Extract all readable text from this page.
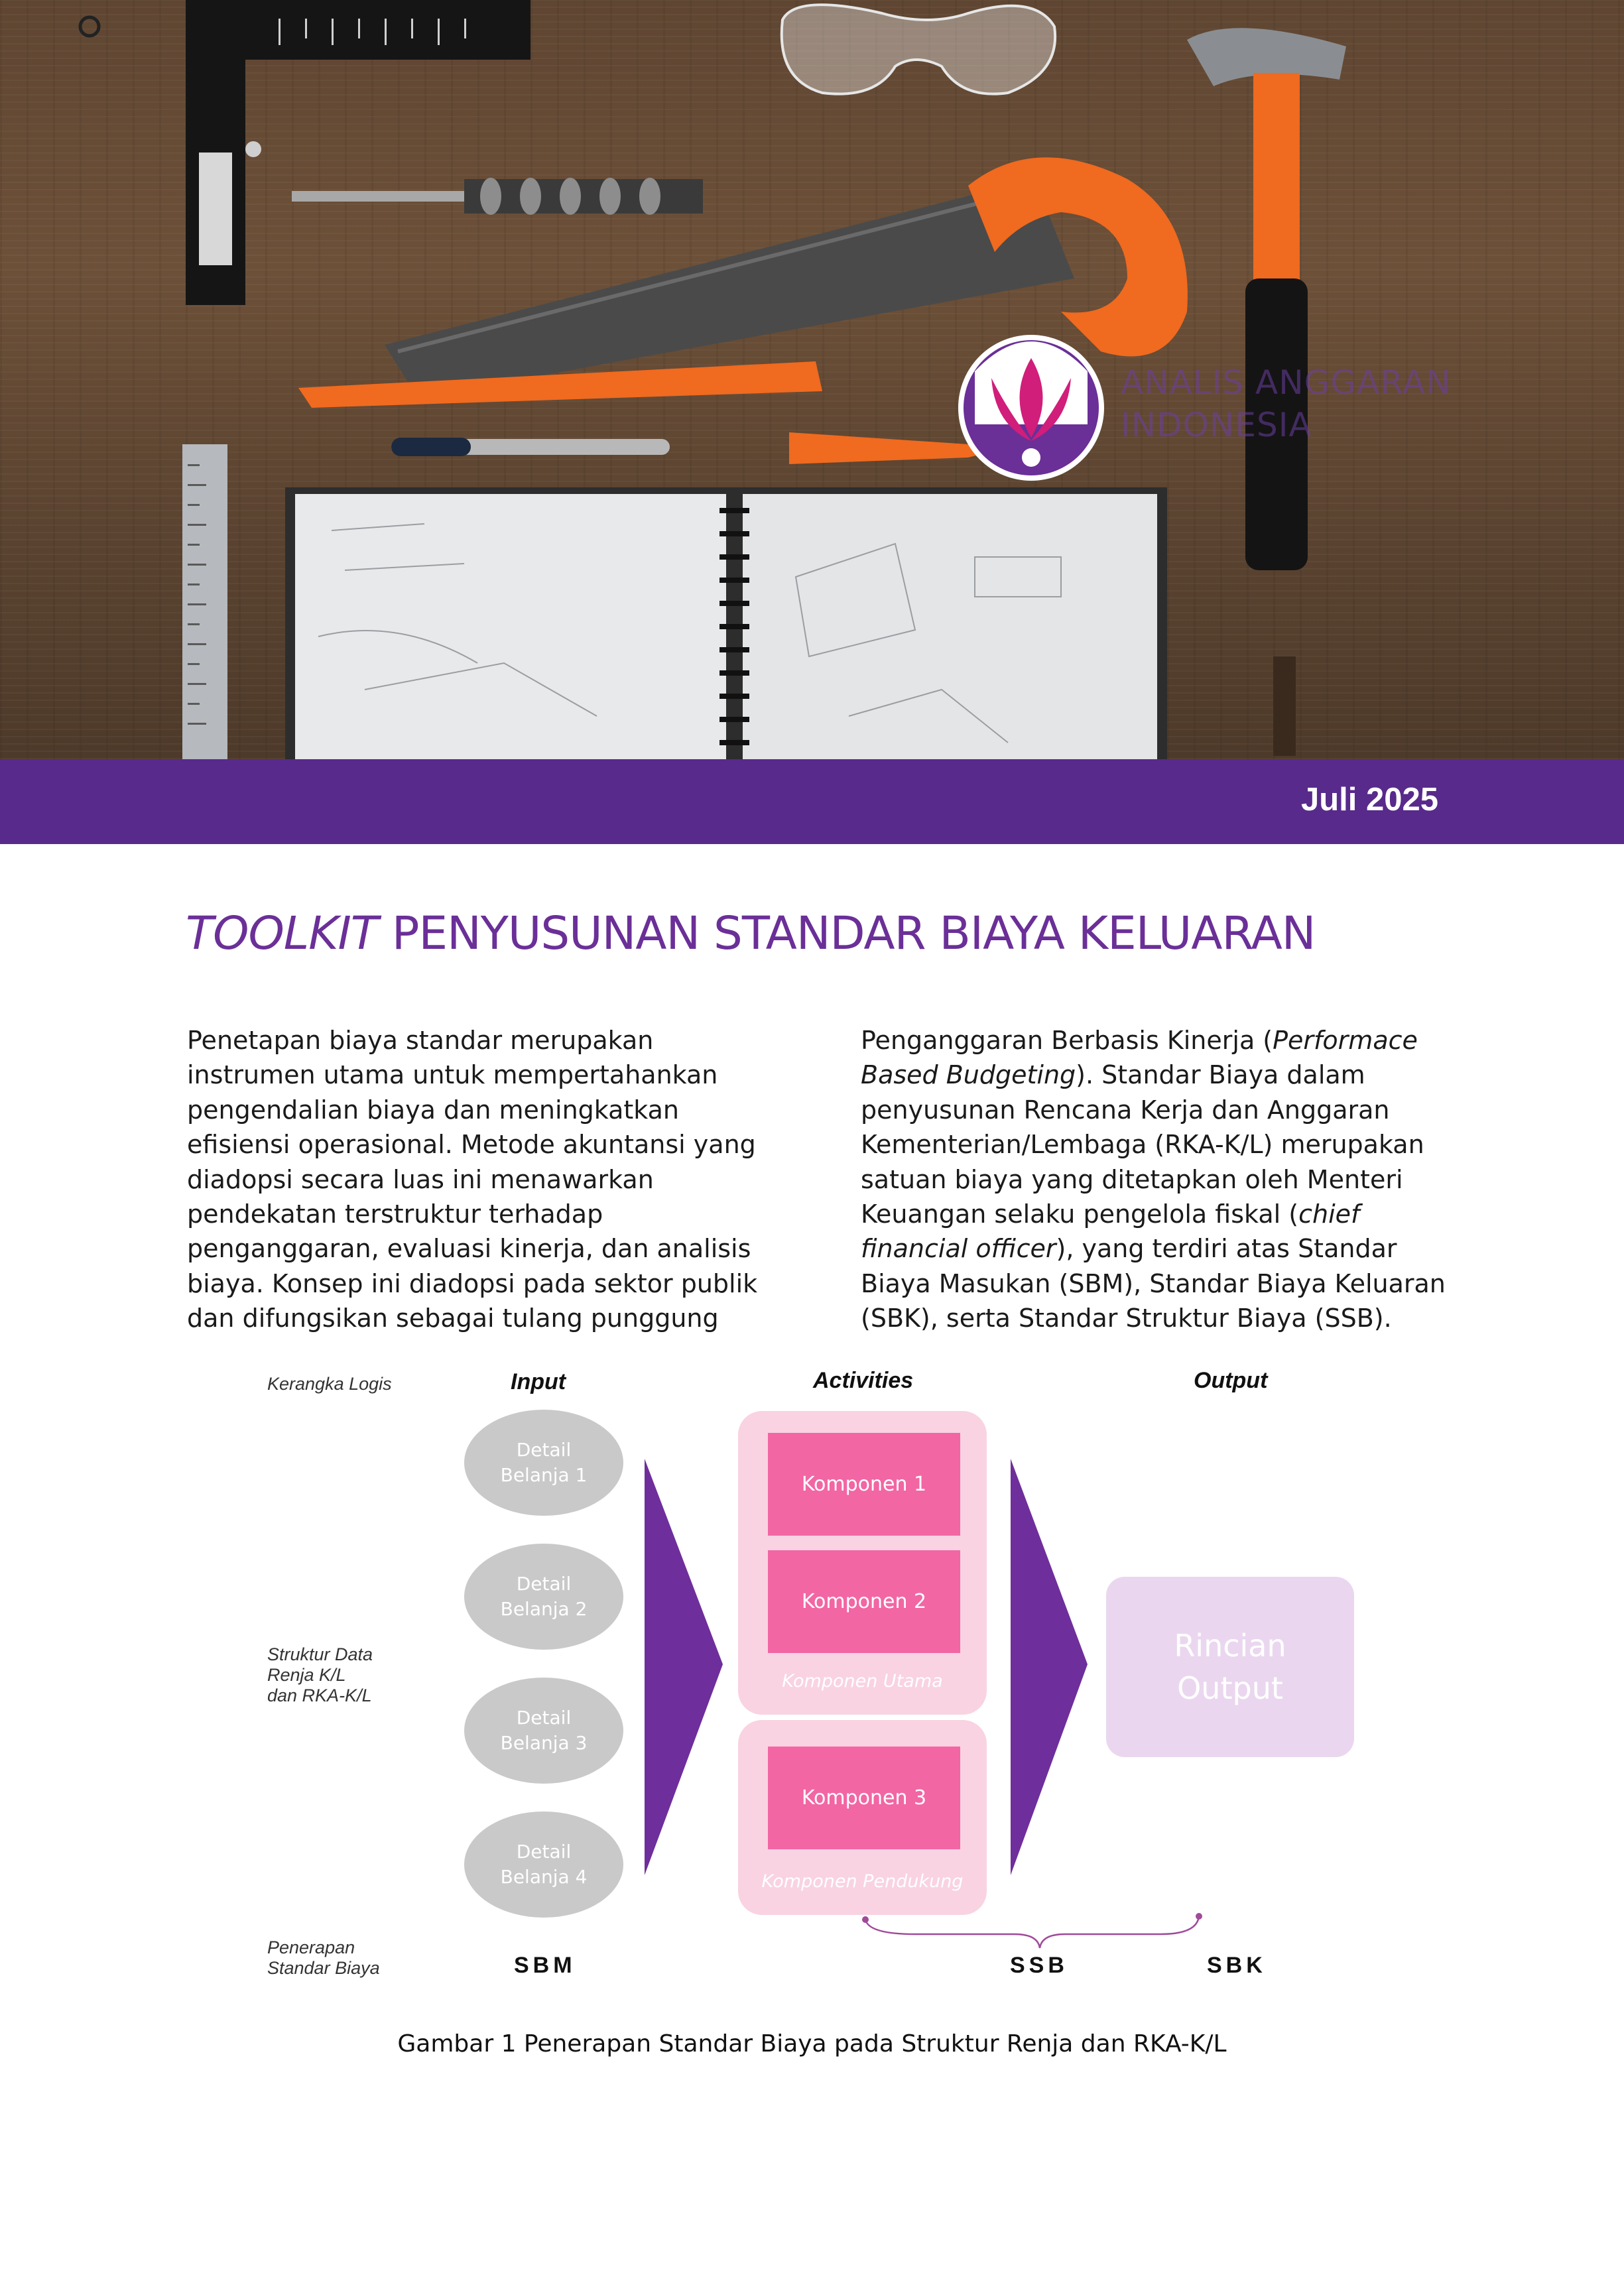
ANALIS ANGGARAN
INDONESIA
Juli 2025
TOOLKIT PENYUSUNAN STANDAR BIAYA KELUARAN
Penetapan biaya standar merupakan
instrumen utama untuk mempertahankan
pengendalian biaya dan meningkatkan
efisiensi operasional. Metode akuntansi yang
diadopsi secara luas ini menawarkan
pendekatan terstruktur terhadap
penganggaran, evaluasi kinerja, dan analisis
biaya. Konsep ini diadopsi pada sektor publik
dan difungsikan sebagai tulang punggung
Penganggaran Berbasis Kinerja (Performace
Based Budgeting). Standar Biaya dalam
penyusunan Rencana Kerja dan Anggaran
Kementerian/Lembaga (RKA-K/L) merupakan
satuan biaya yang ditetapkan oleh Menteri
Keuangan selaku pengelola fiskal (chief
financial officer), yang terdiri atas Standar
Biaya Masukan (SBM), Standar Biaya Keluaran
(SBK), serta Standar Struktur Biaya (SSB).
Kerangka Logis
Struktur Data
Renja K/L
dan RKA-K/L
Penerapan
Standar Biaya
Input	Activities	Output
Detail
Belanja 1
Detail
Belanja 2
Detail
Belanja 3
Detail
Belanja 4
Komponen 1
Komponen 2
Komponen Utama
Komponen 3
Komponen Pendukung
Rincian
Output
SBM	SSB	SBK
Gambar 1 Penerapan Standar Biaya pada Struktur Renja dan RKA-K/L
